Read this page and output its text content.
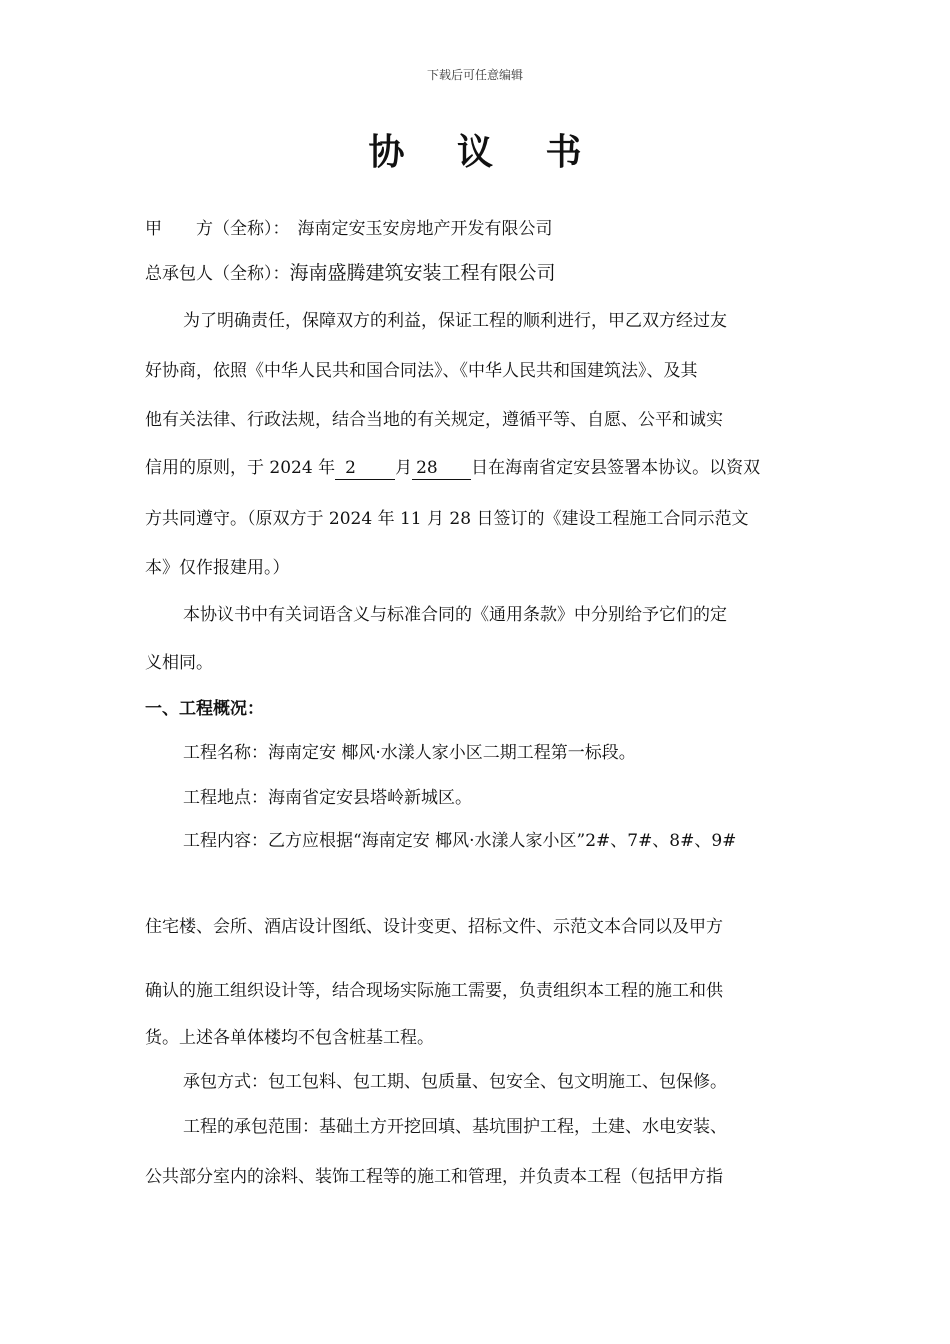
下载后可任意编辑
协 议 书
甲　　方（全称）： 海南定安玉安房地产开发有限公司
总承包人（全称）：海南盛腾建筑安装工程有限公司
为了明确责任，保障双方的利益，保证工程的顺利进行，甲乙双方经过友
好协商，依照《中华人民共和国合同法》、《中华人民共和国建筑法》、及其
他有关法律、行政法规，结合当地的有关规定，遵循平等、自愿、公平和诚实
信用的原则，于 2024 年 2 月 28 日在海南省定安县签署本协议。以资双
方共同遵守。（原双方于 2024 年 11 月 28 日签订的《建设工程施工合同示范文
本》仅作报建用。）
本协议书中有关词语含义与标准合同的《通用条款》中分别给予它们的定
义相同。
一、工程概况：
工程名称：海南定安 椰风·水漾人家小区二期工程第一标段。
工程地点：海南省定安县塔岭新城区。
工程内容：乙方应根据“海南定安 椰风·水漾人家小区”2#、7#、8#、9#
住宅楼、会所、酒店设计图纸、设计变更、招标文件、示范文本合同以及甲方
确认的施工组织设计等，结合现场实际施工需要，负责组织本工程的施工和供
货。上述各单体楼均不包含桩基工程。
承包方式：包工包料、包工期、包质量、包安全、包文明施工、包保修。
工程的承包范围：基础土方开挖回填、基坑围护工程，土建、水电安装、
公共部分室内的涂料、装饰工程等的施工和管理，并负责本工程（包括甲方指
